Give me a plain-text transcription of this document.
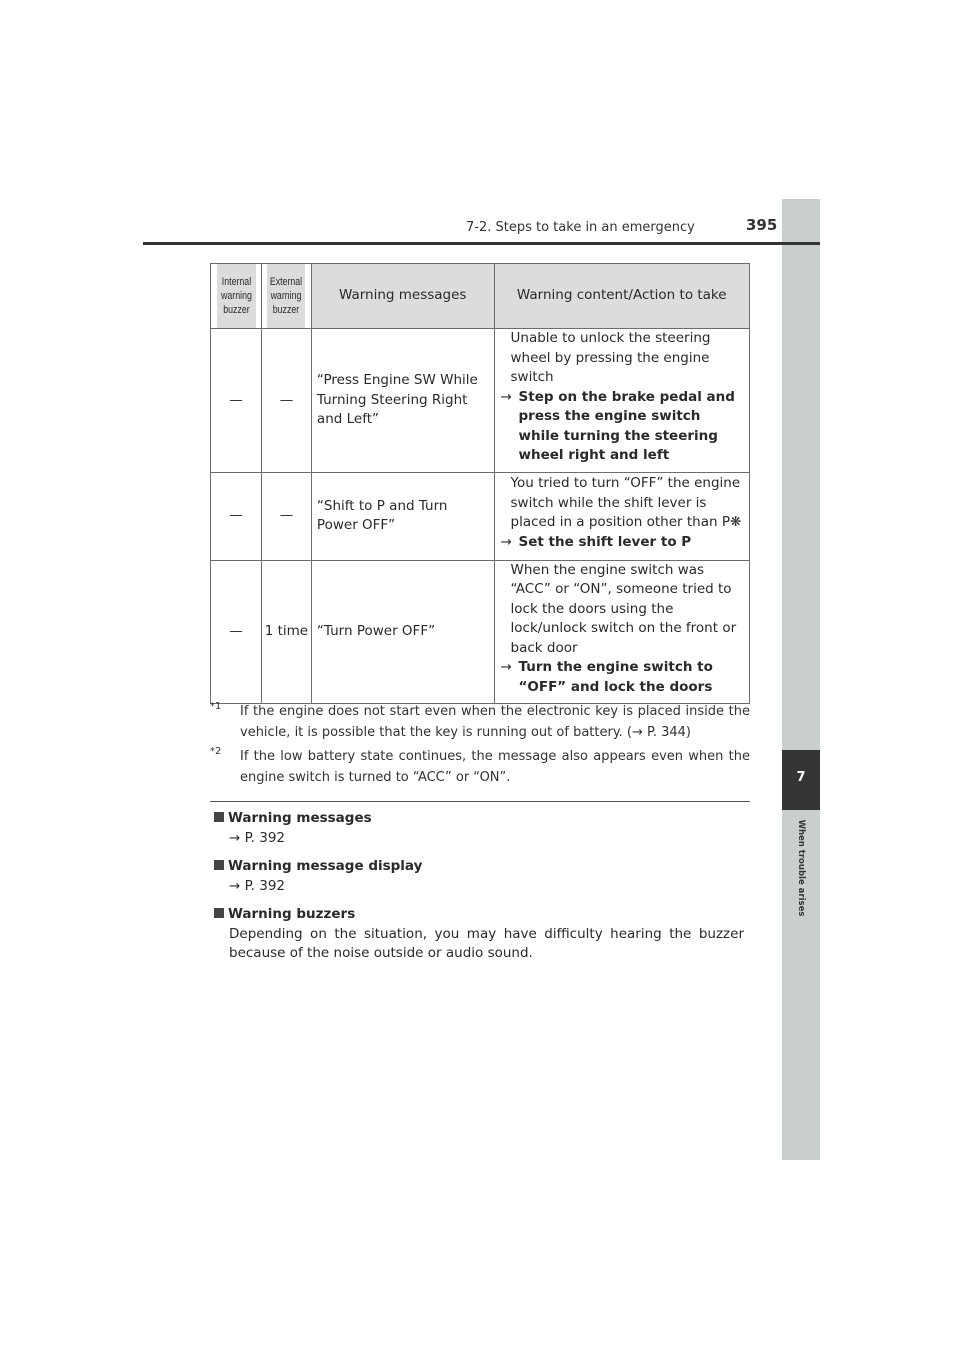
7
When trouble arises
7-2. Steps to take in an emergency	395
Internal
warning
buzzer	External
warning
buzzer	Warning messages	Warning content/Action to take
—	—	“Press Engine SW While Turning Steering Right and Left”	Unable to unlock the steering wheel by pressing the engine switch
→ Step on the brake pedal and press the engine switch while turning the steering wheel right and left

—	—	“Shift to P and Turn Power OFF”	You tried to turn “OFF” the engine switch while the shift lever is placed in a position other than P❋
→ Set the shift lever to P

—	1 time	“Turn Power OFF”	When the engine switch was “ACC” or “ON”, someone tried to lock the doors using the lock/unlock switch on the front or back door
→ Turn the engine switch to “OFF” and lock the doors
*1 If the engine does not start even when the electronic key is placed inside the vehicle, it is possible that the key is running out of battery. (→ P. 344)
*2 If the low battery state continues, the message also appears even when the engine switch is turned to “ACC” or “ON”.
Warning messages
→ P. 392
Warning message display
→ P. 392
Warning buzzers
Depending on the situation, you may have difficulty hearing the buzzer because of the noise outside or audio sound.
